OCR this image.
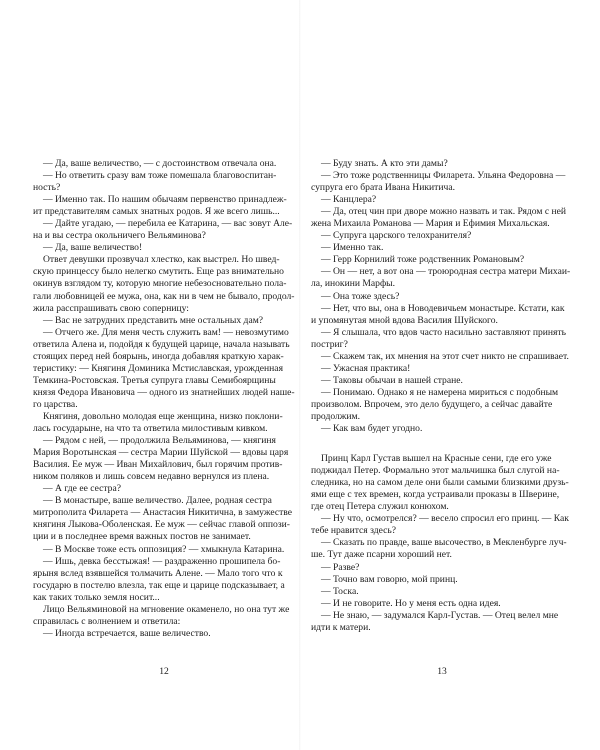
— Да, ваше величество, — с достоинством отвечала она.
— Но ответить сразу вам тоже помешала благовоспитан-
ность?
— Именно так. По нашим обычаям первенство принадлеж-
ит представителям самых знатных родов. Я же всего лишь...
— Дайте угадаю, — перебила ее Катарина, — вас зовут Але-
на и вы сестра окольничего Вельяминова?
— Да, ваше величество!
Ответ девушки прозвучал хлестко, как выстрел. Но швед-
скую принцессу было нелегко смутить. Еще раз внимательно
окинув взглядом ту, которую многие небезосновательно пола-
гали любовницей ее мужа, она, как ни в чем не бывало, продол-
жила расспрашивать свою соперницу:
— Вас не затрудних представить мне остальных дам?
— Отчего же. Для меня честь служить вам! — невозмутимо
ответила Алена и, подойдя к будущей царице, начала называть
стоящих перед ней боярынь, иногда добавляя краткую харак-
теристику: — Княгиня Доминика Мстиславская, урожденная
Темкина-Ростовская. Третья супруга главы Семибоярщины
князя Федора Ивановича — одного из знатнейших людей наше-
го царства.
Княгиня, довольно молодая еще женщина, низко поклони-
лась государыне, на что та ответила милостивым кивком.
— Рядом с ней, — продолжила Вельяминова, — княгиня
Мария Воротынская — сестра Марии Шуйской — вдовы царя
Василия. Ее муж — Иван Михайлович, был горячим против-
ником поляков и лишь совсем недавно вернулся из плена.
— А где ее сестра?
— В монастыре, ваше величество. Далее, родная сестра
митрополита Филарета — Анастасия Никитична, в замужестве
княгиня Лыкова-Оболенская. Ее муж — сейчас главой оппози-
ции и в последнее время важных постов не занимает.
— В Москве тоже есть оппозиция? — хмыкнула Катарина.
— Ишь, девка бесстыжая! — раздраженно прошипела бо-
ярыня вслед взявшейся толмачить Алене. — Мало того что к
государю в постелю влезла, так еще и царице подсказывает, а
как таких только земля носит...
Лицо Вельяминовой на мгновение окаменело, но она тут же
справилась с волнением и ответила:
— Иногда встречается, ваше величество.
12
— Буду знать. А кто эти дамы?
— Это тоже родственницы Филарета. Ульяна Федоровна —
супруга его брата Ивана Никитича.
— Канцлера?
— Да, отец чин при дворе можно назвать и так. Рядом с ней
жена Михаила Романова — Мария и Ефимия Михальская.
— Супруга царского телохранителя?
— Именно так.
— Герр Корнилий тоже родственник Романовым?
— Он — нет, а вот она — троюродная сестра матери Михаи-
ла, инокини Марфы.
— Она тоже здесь?
— Нет, что вы, она в Новодевичьем монастыре. Кстати, как
и упомянутая мной вдова Василия Шуйского.
— Я слышала, что вдов часто насильно заставляют принять
постриг?
— Скажем так, их мнения на этот счет никто не спрашивает.
— Ужасная практика!
— Таковы обычаи в нашей стране.
— Понимаю. Однако я не намерена мириться с подобным
произволом. Впрочем, это дело будущего, а сейчас давайте
продолжим.
— Как вам будет угодно.
Принц Карл Густав вышел на Красные сени, где его уже
поджидал Петер. Формально этот мальчишка был слугой на-
следника, но на самом деле они были самыми близкими друзь-
ями еще с тех времен, когда устраивали проказы в Шверине,
где отец Петера служил конюхом.
— Ну что, осмотрелся? — весело спросил его принц. — Как
тебе нравится здесь?
— Сказать по правде, ваше высочество, в Мекленбурге луч-
ше. Тут даже псарни хороший нет.
— Разве?
— Точно вам говорю, мой принц.
— Тоска.
— И не говорите. Но у меня есть одна идея.
— Не знаю, — задумался Карл-Густав. — Отец велел мне
идти к матери.
13
